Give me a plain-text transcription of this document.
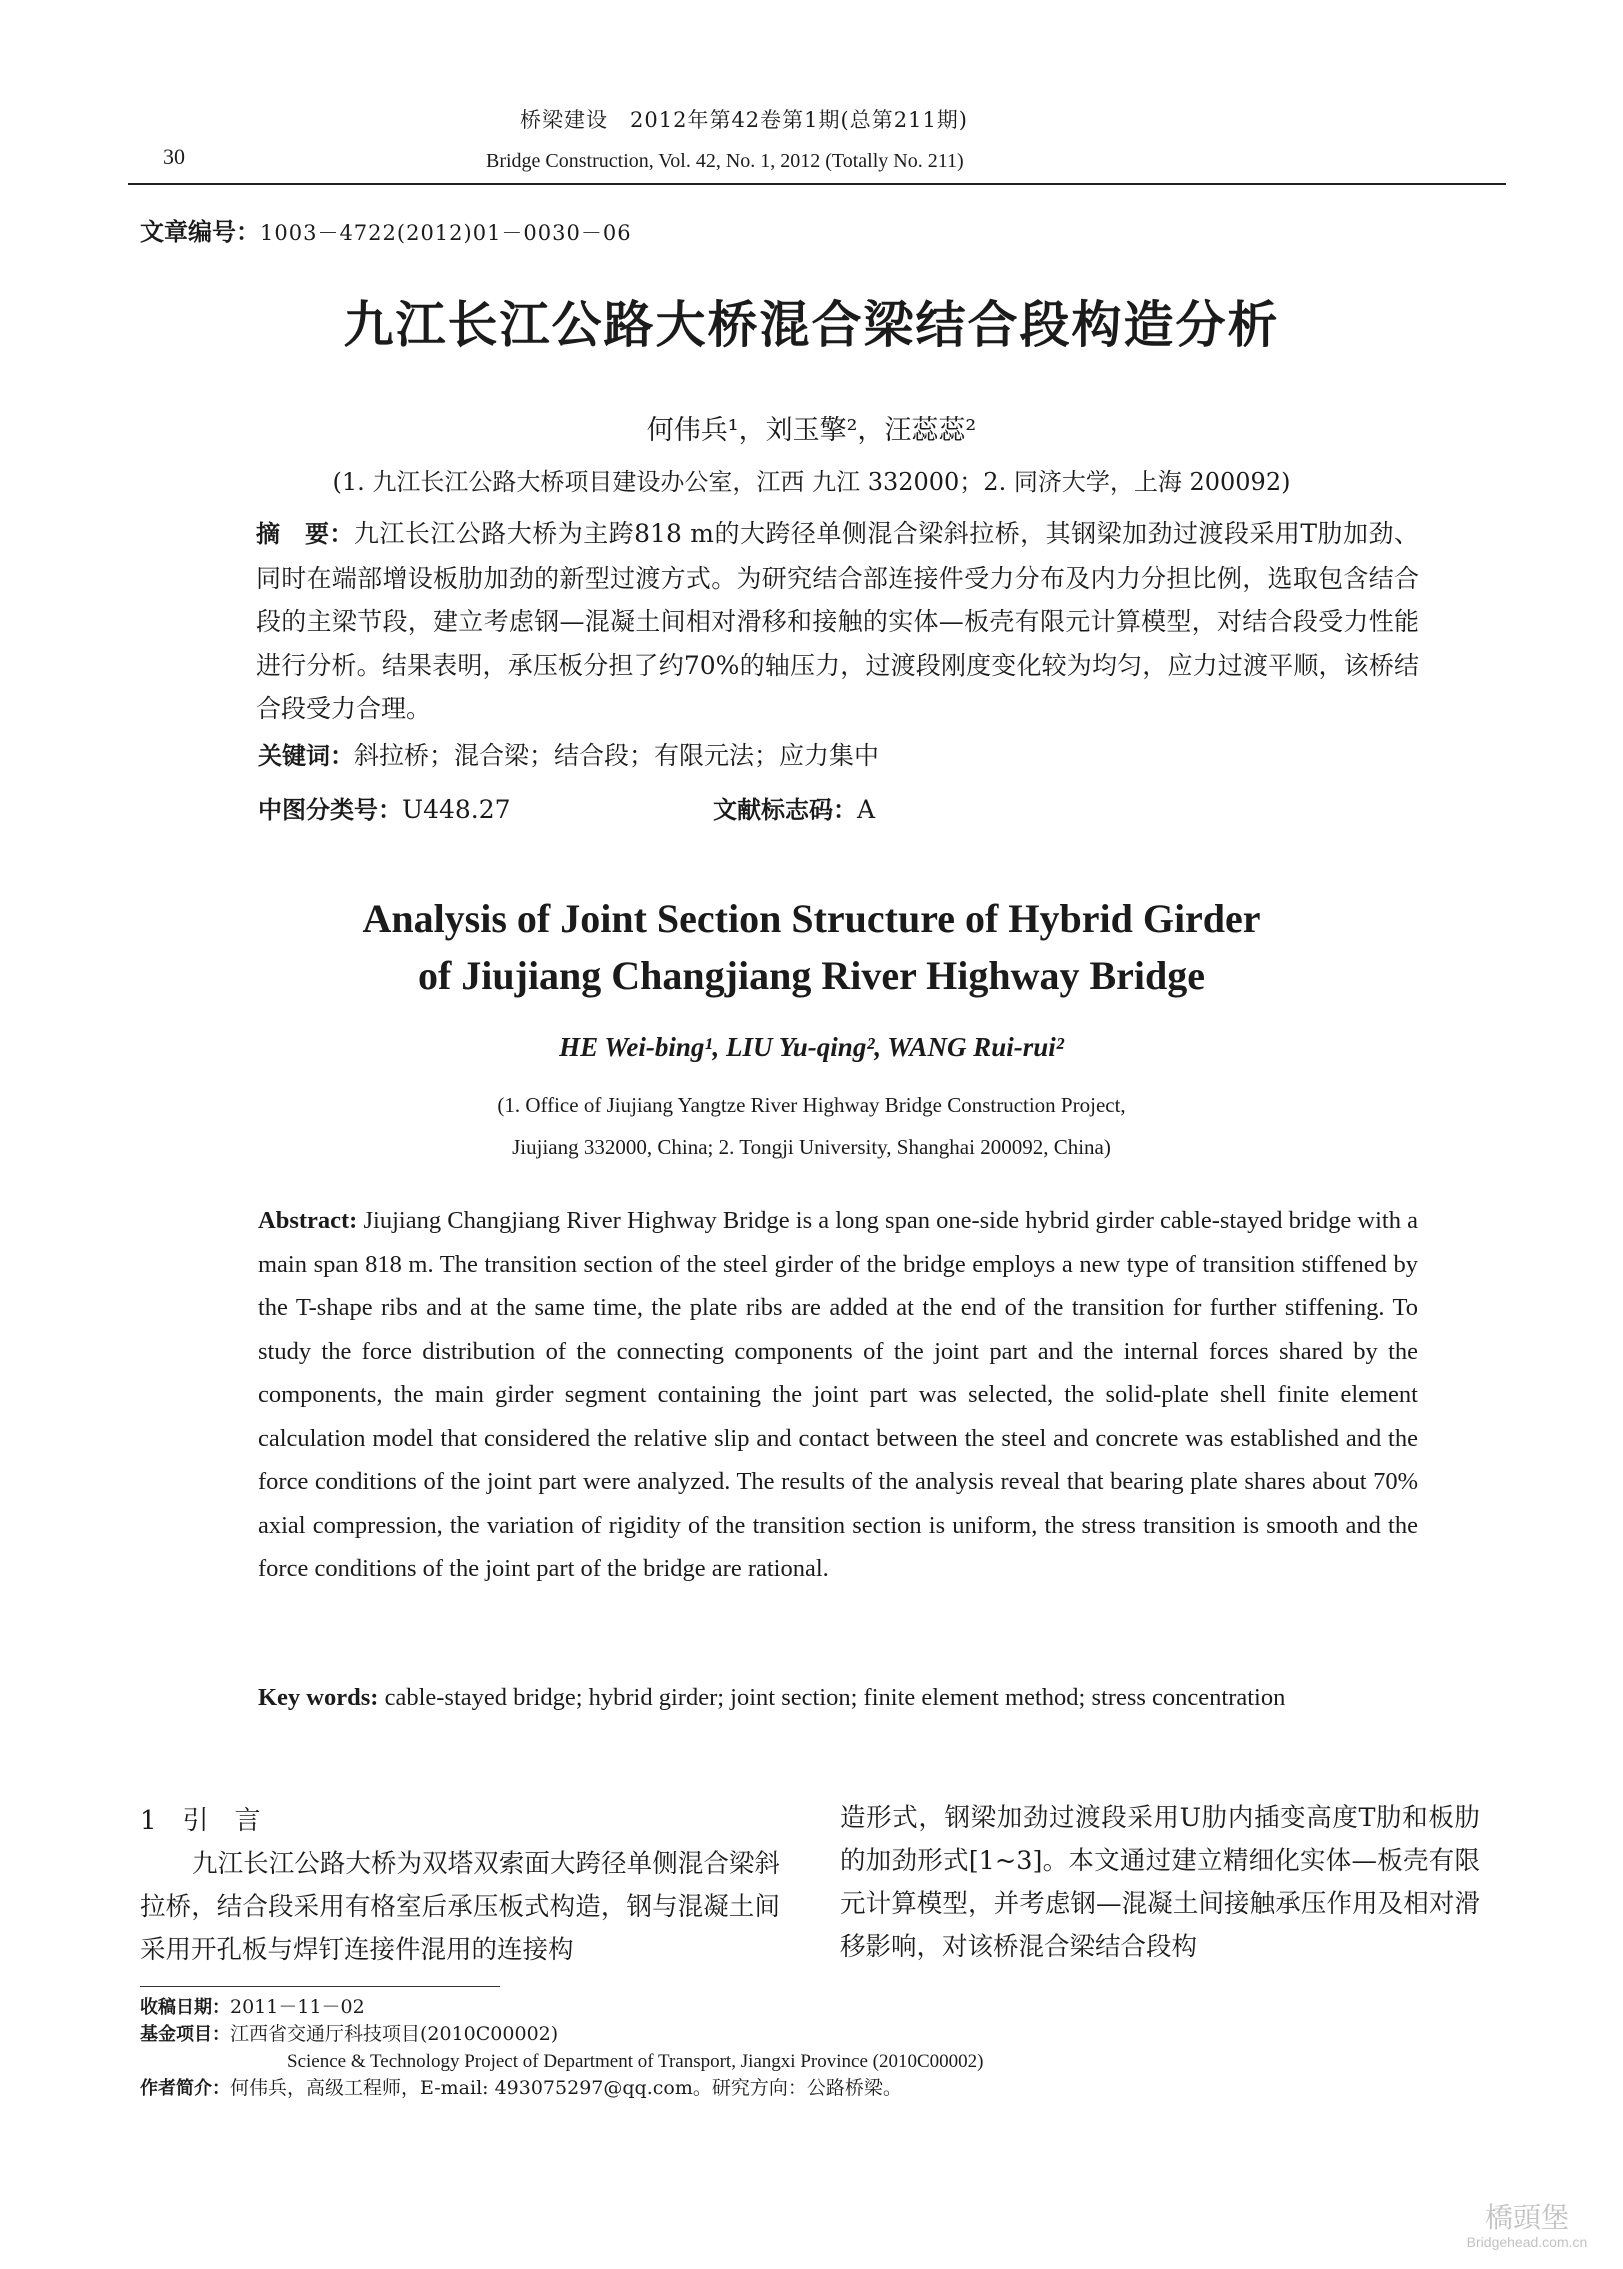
桥梁建设　2012年第42卷第1期(总第211期)
30	Bridge Construction, Vol. 42, No. 1, 2012 (Totally No. 211)
文章编号：1003－4722(2012)01－0030－06
九江长江公路大桥混合梁结合段构造分析
何伟兵¹，刘玉擎²，汪蕊蕊²
(1. 九江长江公路大桥项目建设办公室，江西 九江 332000；2. 同济大学，上海 200092)
摘　要：九江长江公路大桥为主跨818 m的大跨径单侧混合梁斜拉桥，其钢梁加劲过渡段采用T肋加劲、同时在端部增设板肋加劲的新型过渡方式。为研究结合部连接件受力分布及内力分担比例，选取包含结合段的主梁节段，建立考虑钢—混凝土间相对滑移和接触的实体—板壳有限元计算模型，对结合段受力性能进行分析。结果表明，承压板分担了约70%的轴压力，过渡段刚度变化较为均匀，应力过渡平顺，该桥结合段受力合理。
关键词：斜拉桥；混合梁；结合段；有限元法；应力集中
中图分类号：U448.27	文献标志码：A
Analysis of Joint Section Structure of Hybrid Girder
of Jiujiang Changjiang River Highway Bridge
HE Wei-bing¹, LIU Yu-qing², WANG Rui-rui²
(1. Office of Jiujiang Yangtze River Highway Bridge Construction Project,
Jiujiang 332000, China; 2. Tongji University, Shanghai 200092, China)
Abstract: Jiujiang Changjiang River Highway Bridge is a long span one-side hybrid girder cable-stayed bridge with a main span 818 m. The transition section of the steel girder of the bridge employs a new type of transition stiffened by the T-shape ribs and at the same time, the plate ribs are added at the end of the transition for further stiffening. To study the force distribution of the connecting components of the joint part and the internal forces shared by the components, the main girder segment containing the joint part was selected, the solid-plate shell finite element calculation model that considered the relative slip and contact between the steel and concrete was established and the force conditions of the joint part were analyzed. The results of the analysis reveal that bearing plate shares about 70% axial compression, the variation of rigidity of the transition section is uniform, the stress transition is smooth and the force conditions of the joint part of the bridge are rational.
Key words: cable-stayed bridge; hybrid girder; joint section; finite element method; stress concentration
1　引　言
九江长江公路大桥为双塔双索面大跨径单侧混合梁斜拉桥，结合段采用有格室后承压板式构造，钢与混凝土间采用开孔板与焊钉连接件混用的连接构
造形式，钢梁加劲过渡段采用U肋内插变高度T肋和板肋的加劲形式[1~3]。本文通过建立精细化实体—板壳有限元计算模型，并考虑钢—混凝土间接触承压作用及相对滑移影响，对该桥混合梁结合段构
收稿日期：2011－11－02
基金项目：江西省交通厅科技项目(2010C00002)
Science & Technology Project of Department of Transport, Jiangxi Province (2010C00002)
作者简介：何伟兵，高级工程师，E-mail: 493075297@qq.com。研究方向：公路桥梁。
橋頭堡
Bridgehead.com.cn
